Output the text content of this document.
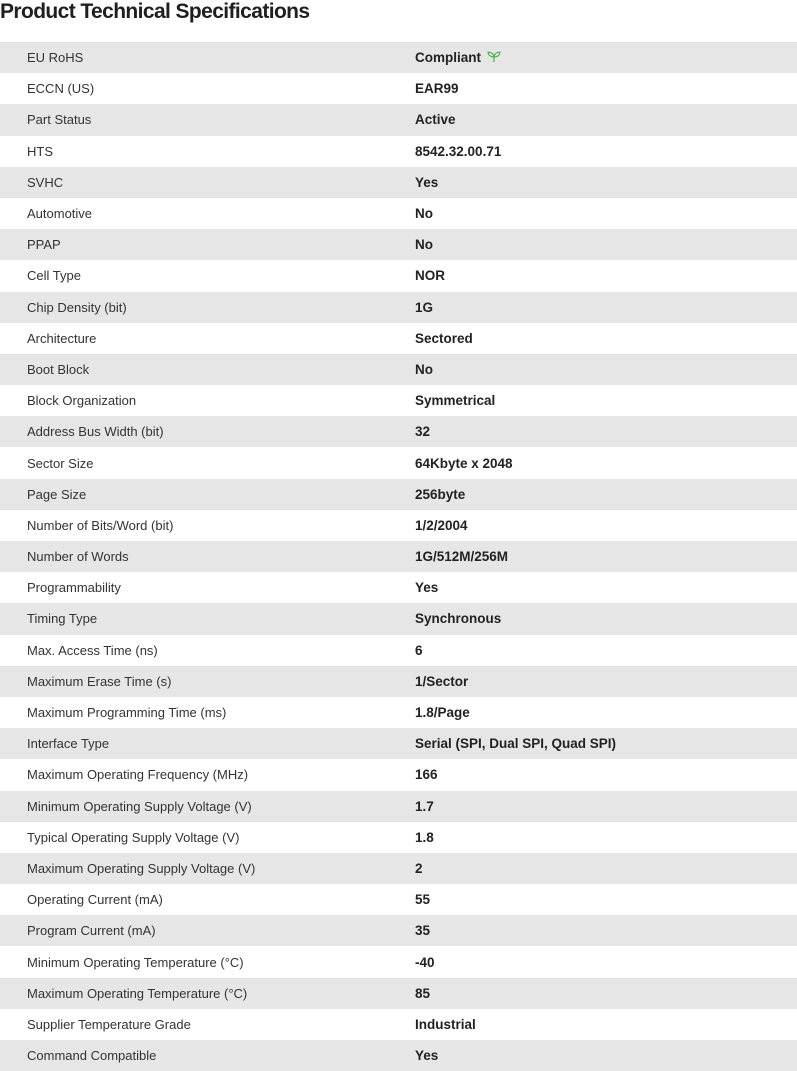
Product Technical Specifications
EU RoHS	Compliant
ECCN (US)	EAR99
Part Status	Active
HTS	8542.32.00.71
SVHC	Yes
Automotive	No
PPAP	No
Cell Type	NOR
Chip Density (bit)	1G
Architecture	Sectored
Boot Block	No
Block Organization	Symmetrical
Address Bus Width (bit)	32
Sector Size	64Kbyte x 2048
Page Size	256byte
Number of Bits/Word (bit)	1/2/2004
Number of Words	1G/512M/256M
Programmability	Yes
Timing Type	Synchronous
Max. Access Time (ns)	6
Maximum Erase Time (s)	1/Sector
Maximum Programming Time (ms)	1.8/Page
Interface Type	Serial (SPI, Dual SPI, Quad SPI)
Maximum Operating Frequency (MHz)	166
Minimum Operating Supply Voltage (V)	1.7
Typical Operating Supply Voltage (V)	1.8
Maximum Operating Supply Voltage (V)	2
Operating Current (mA)	55
Program Current (mA)	35
Minimum Operating Temperature (°C)	-40
Maximum Operating Temperature (°C)	85
Supplier Temperature Grade	Industrial
Command Compatible	Yes
